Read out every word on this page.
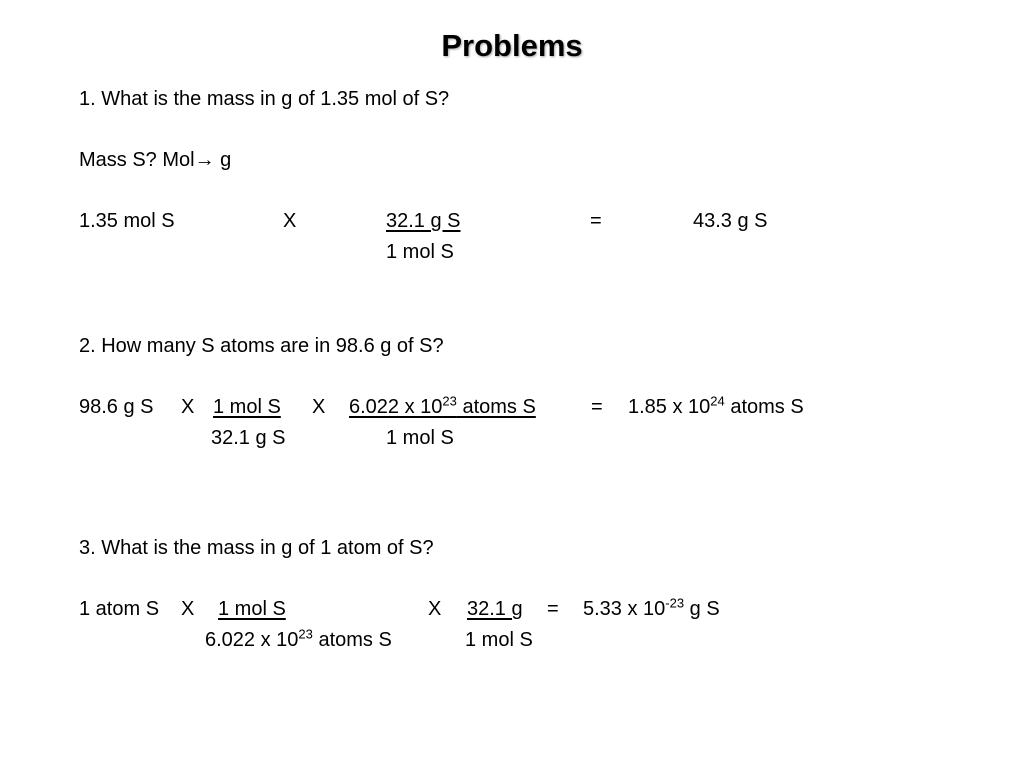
Problems
1. What is the mass in g of 1.35 mol of S?
Mass S? Mol→ g
1.35 mol S	X	32.1 g S
1 mol S
=	43.3 g S
2. How many S atoms are in 98.6 g of S?
98.6 g S X 1 mol S
32.1 g S
X 6.022 x $10^{23}$ atoms S
1 mol S
= 1.85 x $10^{24}$ atoms S
3. What is the mass in g of 1 atom of S?
1 atom S X 1 mol S
6.022 x $10^{23}$ atoms S
X 32.1 g
1 mol S
= 5.33 x $10^{-23}$ g S
